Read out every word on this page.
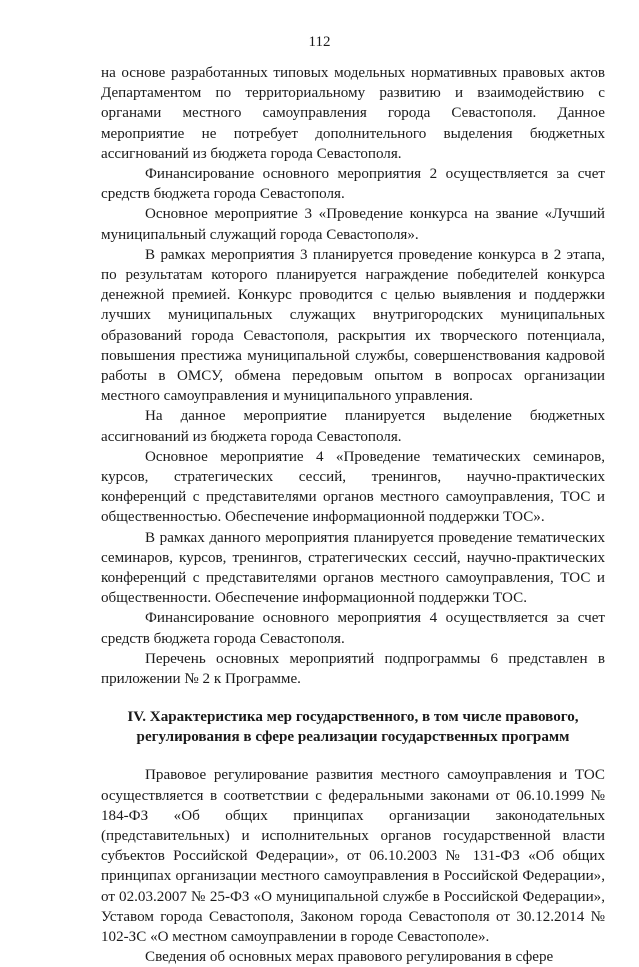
112

на основе разработанных типовых модельных нормативных правовых актов Департаментом по территориальному развитию и взаимодействию с органами местного самоуправления города Севастополя. Данное мероприятие не потребует дополнительного выделения бюджетных ассигнований из бюджета города Севастополя.

Финансирование основного мероприятия 2 осуществляется за счет средств бюджета города Севастополя.

Основное мероприятие 3 «Проведение конкурса на звание «Лучший муниципальный служащий города Севастополя».

В рамках мероприятия 3 планируется проведение конкурса в 2 этапа, по результатам которого планируется награждение победителей конкурса денежной премией. Конкурс проводится с целью выявления и поддержки лучших муниципальных служащих внутригородских муниципальных образований города Севастополя, раскрытия их творческого потенциала, повышения престижа муниципальной службы, совершенствования кадровой работы в ОМСУ, обмена передовым опытом в вопросах организации местного самоуправления и муниципального управления.

На данное мероприятие планируется выделение бюджетных ассигнований из бюджета города Севастополя.

Основное мероприятие 4 «Проведение тематических семинаров, курсов, стратегических сессий, тренингов, научно-практических конференций с представителями органов местного самоуправления, ТОС и общественностью. Обеспечение информационной поддержки ТОС».

В рамках данного мероприятия планируется проведение тематических семинаров, курсов, тренингов, стратегических сессий, научно-практических конференций с представителями органов местного самоуправления, ТОС и общественности. Обеспечение информационной поддержки ТОС.

Финансирование основного мероприятия 4 осуществляется за счет средств бюджета города Севастополя.

Перечень основных мероприятий подпрограммы 6 представлен в приложении № 2 к Программе.

IV. Характеристика мер государственного, в том числе правового, регулирования в сфере реализации государственных программ

Правовое регулирование развития местного самоуправления и ТОС осуществляется в соответствии с федеральными законами от 06.10.1999 № 184-ФЗ «Об общих принципах организации законодательных (представительных) и исполнительных органов государственной власти субъектов Российской Федерации», от 06.10.2003 № 131-ФЗ «Об общих принципах организации местного самоуправления в Российской Федерации», от 02.03.2007 № 25-ФЗ «О муниципальной службе в Российской Федерации», Уставом города Севастополя, Законом города Севастополя от 30.12.2014 № 102-ЗС «О местном самоуправлении в городе Севастополе».

Сведения об основных мерах правового регулирования в сфере
